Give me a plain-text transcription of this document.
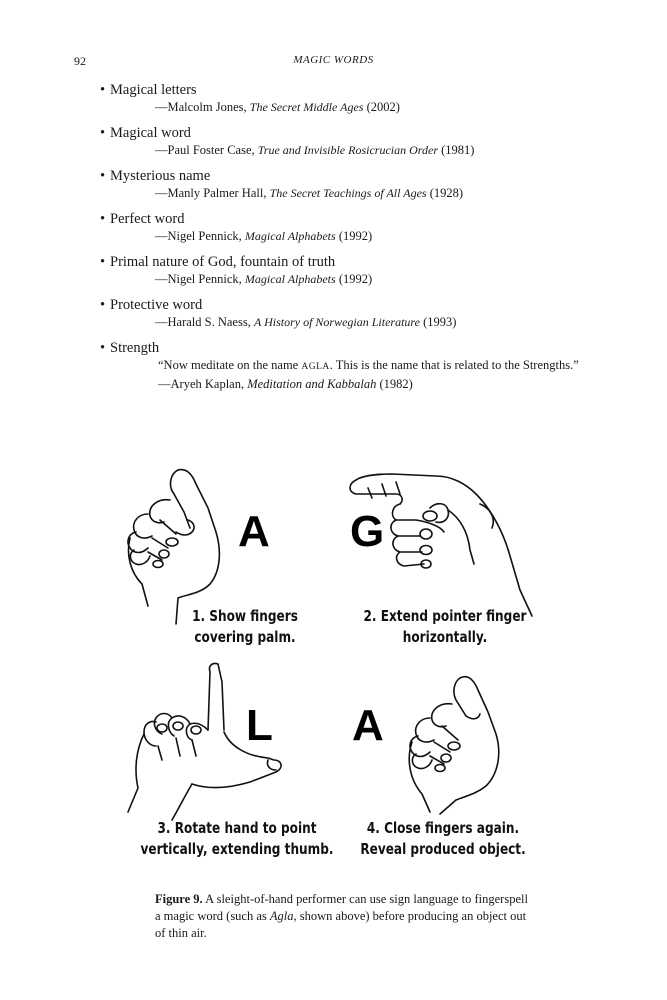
92	MAGIC WORDS
• Magical letters
—Malcolm Jones, The Secret Middle Ages (2002)
• Magical word
—Paul Foster Case, True and Invisible Rosicrucian Order (1981)
• Mysterious name
—Manly Palmer Hall, The Secret Teachings of All Ages (1928)
• Perfect word
—Nigel Pennick, Magical Alphabets (1992)
• Primal nature of God, fountain of truth
—Nigel Pennick, Magical Alphabets (1992)
• Protective word
—Harald S. Naess, A History of Norwegian Literature (1993)
• Strength
“Now meditate on the name AGLA. This is the name that is related to the Strengths.” —Aryeh Kaplan, Meditation and Kabbalah (1982)
A G
L A
1. Show fingers
covering palm.
2. Extend pointer finger
horizontally.
3. Rotate hand to point
vertically, extending thumb.
4. Close fingers again.
Reveal produced object.
Figure 9. A sleight-of-hand performer can use sign language to fingerspell a magic word (such as Agla, shown above) before producing an object out of thin air.
